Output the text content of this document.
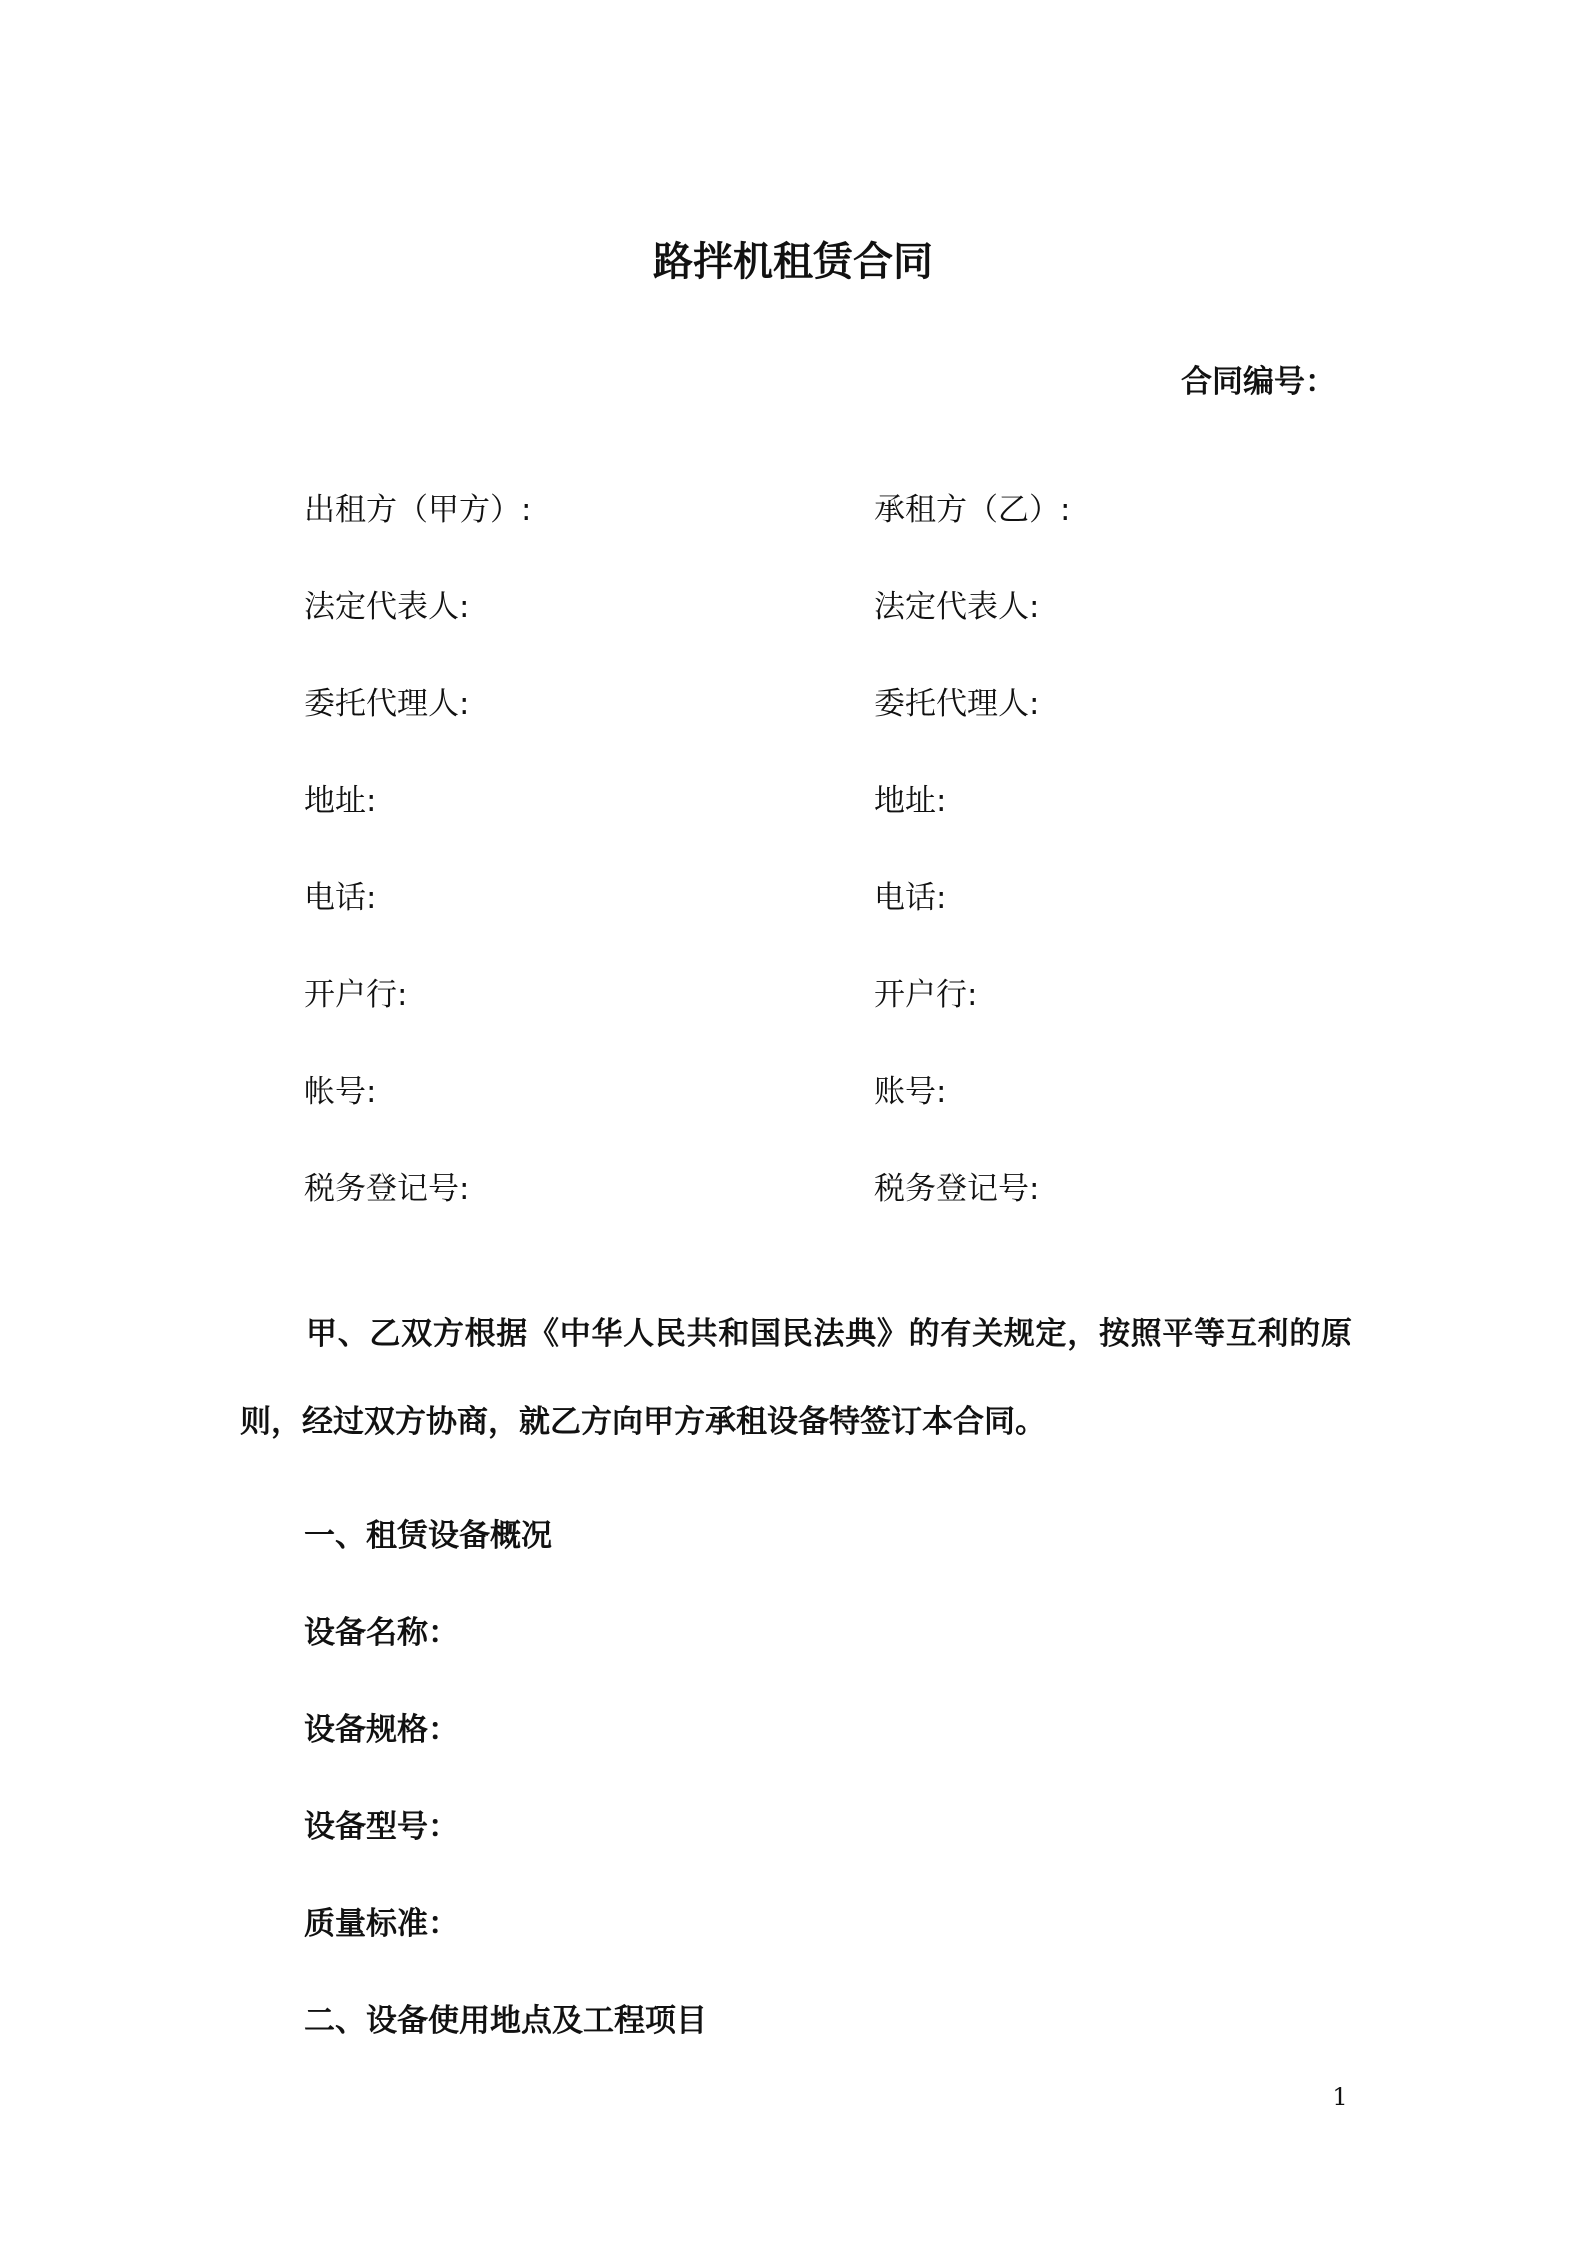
路拌机租赁合同
合同编号：
出租方（甲方）:	承租方（乙）:
法定代表人:	法定代表人:
委托代理人:	委托代理人:
地址:	地址:
电话:	电话:
开户行:	开户行:
帐号:	账号:
税务登记号:	税务登记号:

甲、乙双方根据《中华人民共和国民法典》的有关规定，按照平等互利的原则，经过双方协商，就乙方向甲方承租设备特签订本合同。

一、租赁设备概况
设备名称：
设备规格：
设备型号：
质量标准：
二、设备使用地点及工程项目
1
